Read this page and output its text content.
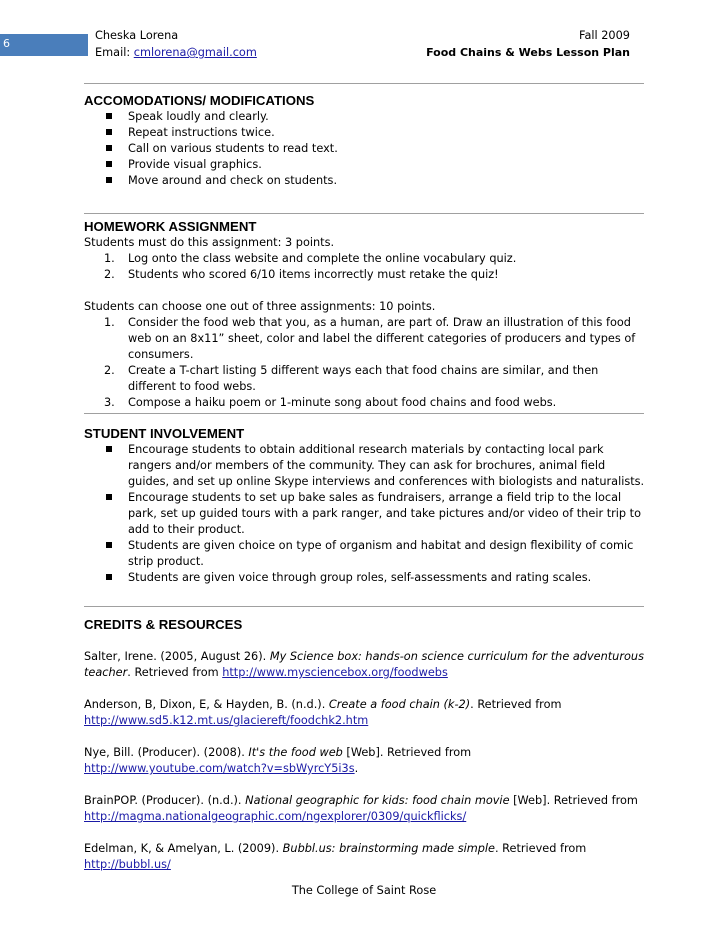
6
Cheska Lorena
Email: cmlorena@gmail.com
Fall 2009
Food Chains & Webs Lesson Plan
ACCOMODATIONS/ MODIFICATIONS
Speak loudly and clearly.
Repeat instructions twice.
Call on various students to read text.
Provide visual graphics.
Move around and check on students.
HOMEWORK ASSIGNMENT

Students must do this assignment: 3 points.

1. Log onto the class website and complete the online vocabulary quiz.
2. Students who scored 6/10 items incorrectly must retake the quiz!

Students can choose one out of three assignments: 10 points.

1. Consider the food web that you, as a human, are part of. Draw an illustration of this food web on an 8x11” sheet, color and label the different categories of producers and types of consumers.
2. Create a T-chart listing 5 different ways each that food chains are similar, and then different to food webs.
3. Compose a haiku poem or 1-minute song about food chains and food webs.
STUDENT INVOLVEMENT
Encourage students to obtain additional research materials by contacting local park rangers and/or members of the community. They can ask for brochures, animal field guides, and set up online Skype interviews and conferences with biologists and naturalists.
Encourage students to set up bake sales as fundraisers, arrange a field trip to the local park, set up guided tours with a park ranger, and take pictures and/or video of their trip to add to their product.
Students are given choice on type of organism and habitat and design flexibility of comic strip product.
Students are given voice through group roles, self-assessments and rating scales.
CREDITS & RESOURCES

Salter, Irene. (2005, August 26). My Science box: hands-on science curriculum for the adventurous teacher. Retrieved from http://www.mysciencebox.org/foodwebs

Anderson, B, Dixon, E, & Hayden, B. (n.d.). Create a food chain (k-2). Retrieved from http://www.sd5.k12.mt.us/glaciereft/foodchk2.htm

Nye, Bill. (Producer). (2008). It's the food web [Web]. Retrieved from http://www.youtube.com/watch?v=sbWyrcY5i3s.

BrainPOP. (Producer). (n.d.). National geographic for kids: food chain movie [Web]. Retrieved from http://magma.nationalgeographic.com/ngexplorer/0309/quickflicks/

Edelman, K, & Amelyan, L. (2009). Bubbl.us: brainstorming made simple. Retrieved from http://bubbl.us/

The College of Saint Rose
